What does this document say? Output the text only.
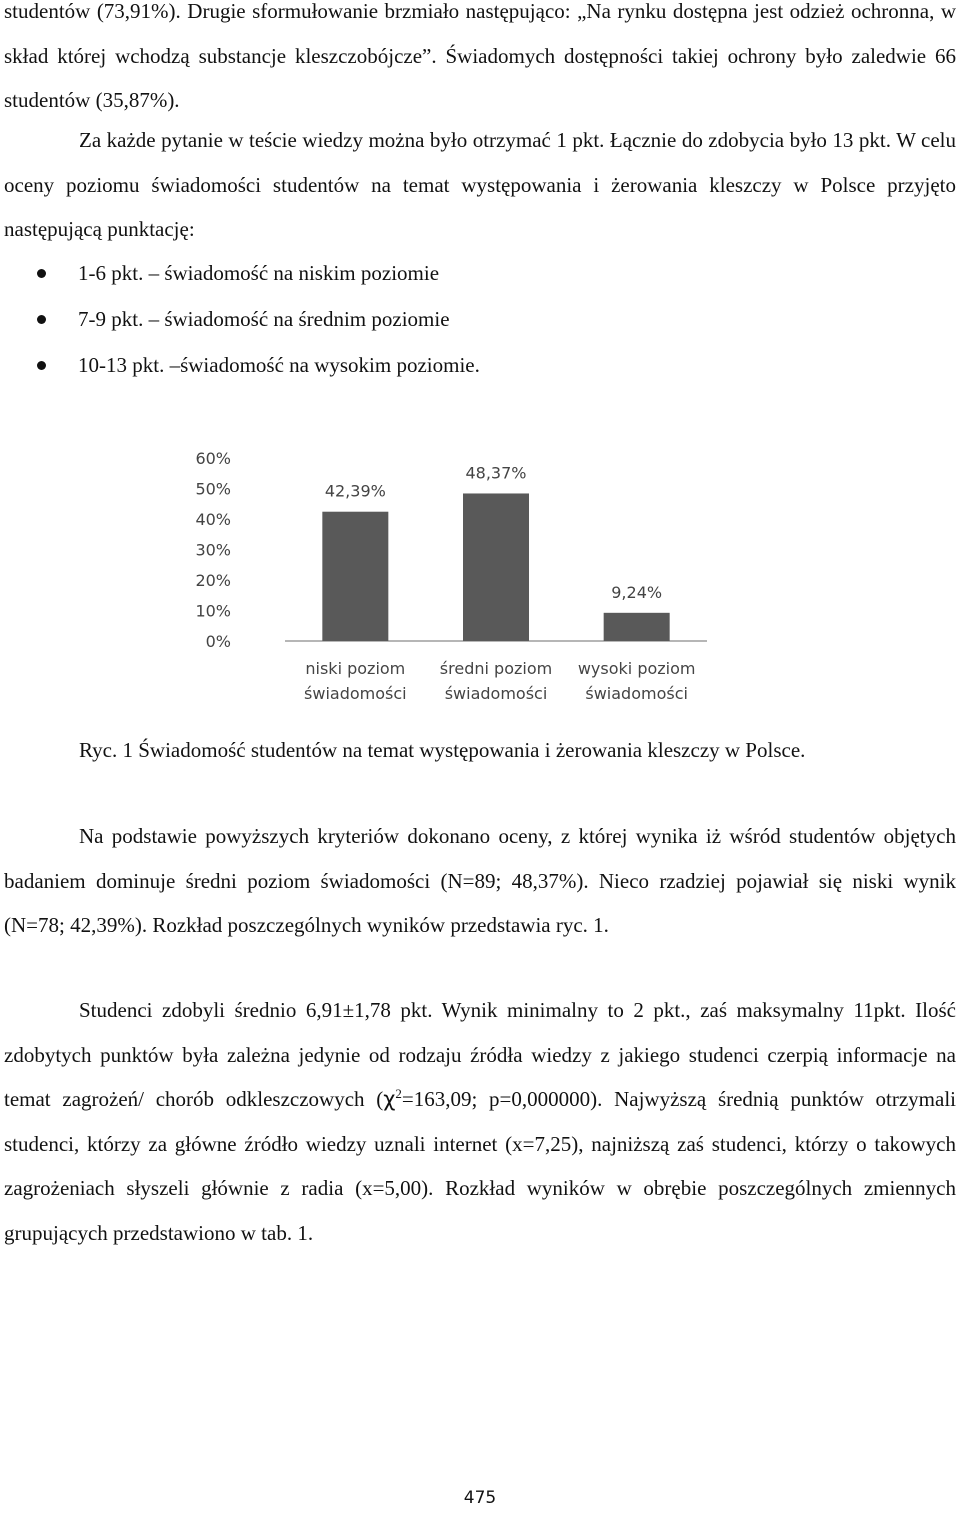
studentów (73,91%). Drugie sformułowanie brzmiało następująco: „Na rynku dostępna jest odzież ochronna, w skład której wchodzą substancje kleszczobójcze”. Świadomych dostępności takiej ochrony było zaledwie 66 studentów (35,87%).

Za każde pytanie w teście wiedzy można było otrzymać 1 pkt. Łącznie do zdobycia było 13 pkt. W celu oceny poziomu świadomości studentów na temat występowania i żerowania kleszczy w Polsce przyjęto następującą punktację:

1-6 pkt. – świadomość na niskim poziomie
7-9 pkt. – świadomość na średnim poziomie
10-13 pkt. –świadomość na wysokim poziomie.
0%
10%
20%
30%
40%
50%
60%
42,39%
48,37%
9,24%
niski poziom
świadomości
średni poziom
świadomości
wysoki poziom
świadomości

Ryc. 1 Świadomość studentów na temat występowania i żerowania kleszczy w Polsce.

Na podstawie powyższych kryteriów dokonano oceny, z której wynika iż wśród studentów objętych badaniem dominuje średni poziom świadomości (N=89; 48,37%). Nieco rzadziej pojawiał się niski wynik (N=78; 42,39%). Rozkład poszczególnych wyników przedstawia ryc. 1.

Studenci zdobyli średnio 6,91±1,78 pkt. Wynik minimalny to 2 pkt., zaś maksymalny 11pkt. Ilość zdobytych punktów była zależna jedynie od rodzaju źródła wiedzy z jakiego studenci czerpią informacje na temat zagrożeń/ chorób odkleszczowych ($\chi^2=163,09$; p=0,000000). Najwyższą średnią punktów otrzymali studenci, którzy za główne źródło wiedzy uznali internet (x=7,25), najniższą zaś studenci, którzy o takowych zagrożeniach słyszeli głównie z radia (x=5,00). Rozkład wyników w obrębie poszczególnych zmiennych grupujących przedstawiono w tab. 1.

475
